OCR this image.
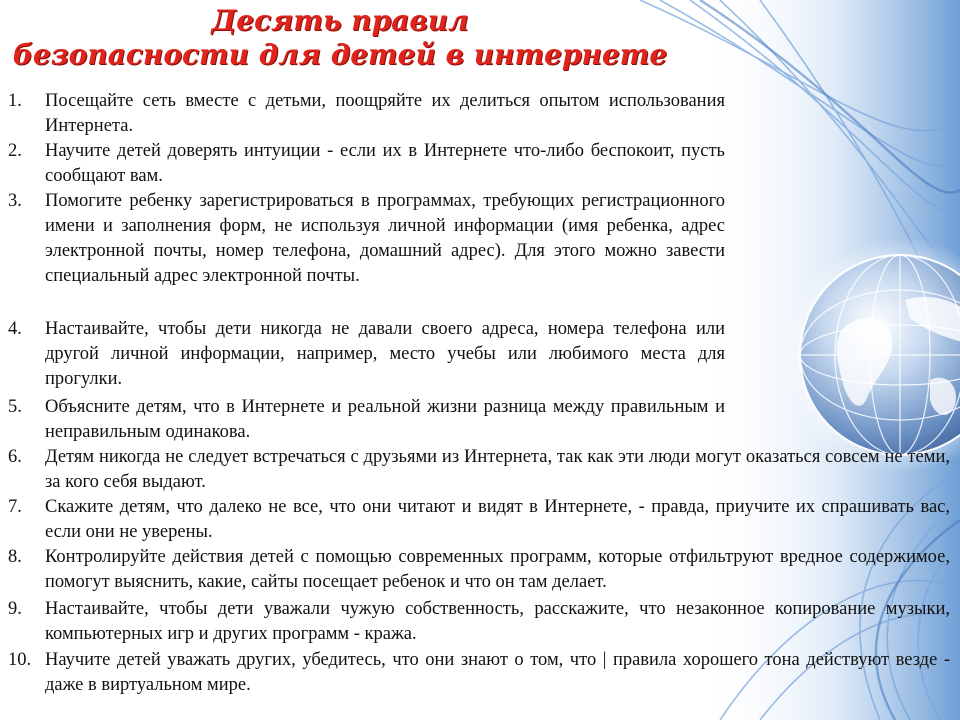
Десять правил
безопасности для детей в интернете
1. Посещайте сеть вместе с детьми, поощряйте их делиться опытом использования Интернета.

2. Научите детей доверять интуиции - если их в Интернете что-либо беспокоит, пусть сообщают вам.

3. Помогите ребенку зарегистрироваться в программах, требующих регистрационного имени и заполнения форм, не используя личной информации (имя ребенка, адрес электронной почты, номер телефона, домашний адрес). Для этого можно завести специальный адрес электронной почты.

4. Настаивайте, чтобы дети никогда не давали своего адреса, номера телефона или другой личной информации, например, место учебы или любимого места для прогулки.

5. Объясните детям, что в Интернете и реальной жизни разница между правильным и неправильным одинакова.

6. Детям никогда не следует встречаться с друзьями из Интернета, так как эти люди могут оказаться совсем не теми, за кого себя выдают.

7. Скажите детям, что далеко не все, что они читают и видят в Интернете, - правда, приучите их спрашивать вас, если они не уверены.

8. Контролируйте действия детей с помощью современных программ, которые отфильтруют вредное содержимое, помогут выяснить, какие, сайты посещает ребенок и что он там делает.

9. Настаивайте, чтобы дети уважали чужую собственность, расскажите, что незаконное копирование музыки, компьютерных игр и других программ - кража.

10. Научите детей уважать других, убедитесь, что они знают о том, что | правила хорошего тона действуют везде - даже в виртуальном мире.
